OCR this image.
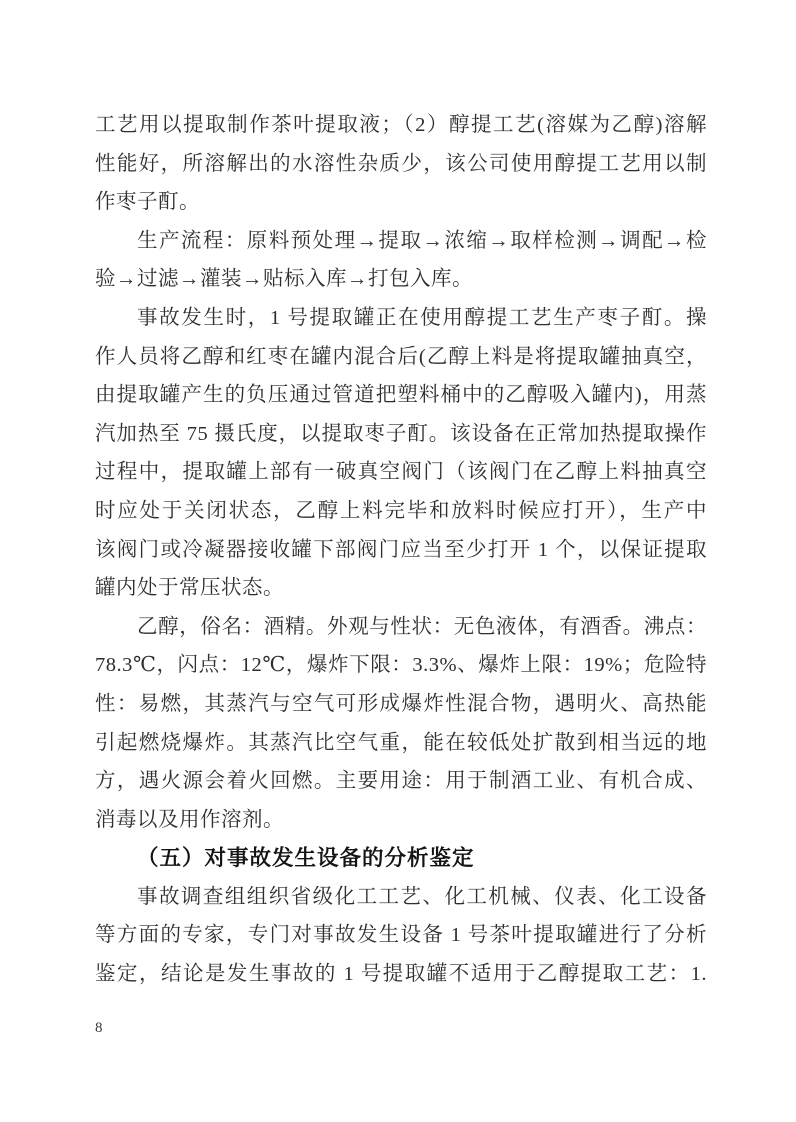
工艺用以提取制作茶叶提取液；（2）醇提工艺(溶媒为乙醇)溶解
性能好，所溶解出的水溶性杂质少，该公司使用醇提工艺用以制
作枣子酊。
生产流程：原料预处理→提取→浓缩→取样检测→调配→检
验→过滤→灌装→贴标入库→打包入库。
事故发生时，1 号提取罐正在使用醇提工艺生产枣子酊。操
作人员将乙醇和红枣在罐内混合后(乙醇上料是将提取罐抽真空，
由提取罐产生的负压通过管道把塑料桶中的乙醇吸入罐内)，用蒸
汽加热至 75 摄氏度，以提取枣子酊。该设备在正常加热提取操作
过程中，提取罐上部有一破真空阀门（该阀门在乙醇上料抽真空
时应处于关闭状态，乙醇上料完毕和放料时候应打开），生产中
该阀门或冷凝器接收罐下部阀门应当至少打开 1 个，以保证提取
罐内处于常压状态。
乙醇，俗名：酒精。外观与性状：无色液体，有酒香。沸点：
78.3℃，闪点：12℃，爆炸下限：3.3%、爆炸上限：19%；危险特
性：易燃，其蒸汽与空气可形成爆炸性混合物，遇明火、高热能
引起燃烧爆炸。其蒸汽比空气重，能在较低处扩散到相当远的地
方，遇火源会着火回燃。主要用途：用于制酒工业、有机合成、
消毒以及用作溶剂。
（五）对事故发生设备的分析鉴定
事故调查组组织省级化工工艺、化工机械、仪表、化工设备
等方面的专家，专门对事故发生设备 1 号茶叶提取罐进行了分析
鉴定，结论是发生事故的 1 号提取罐不适用于乙醇提取工艺：1.
8
